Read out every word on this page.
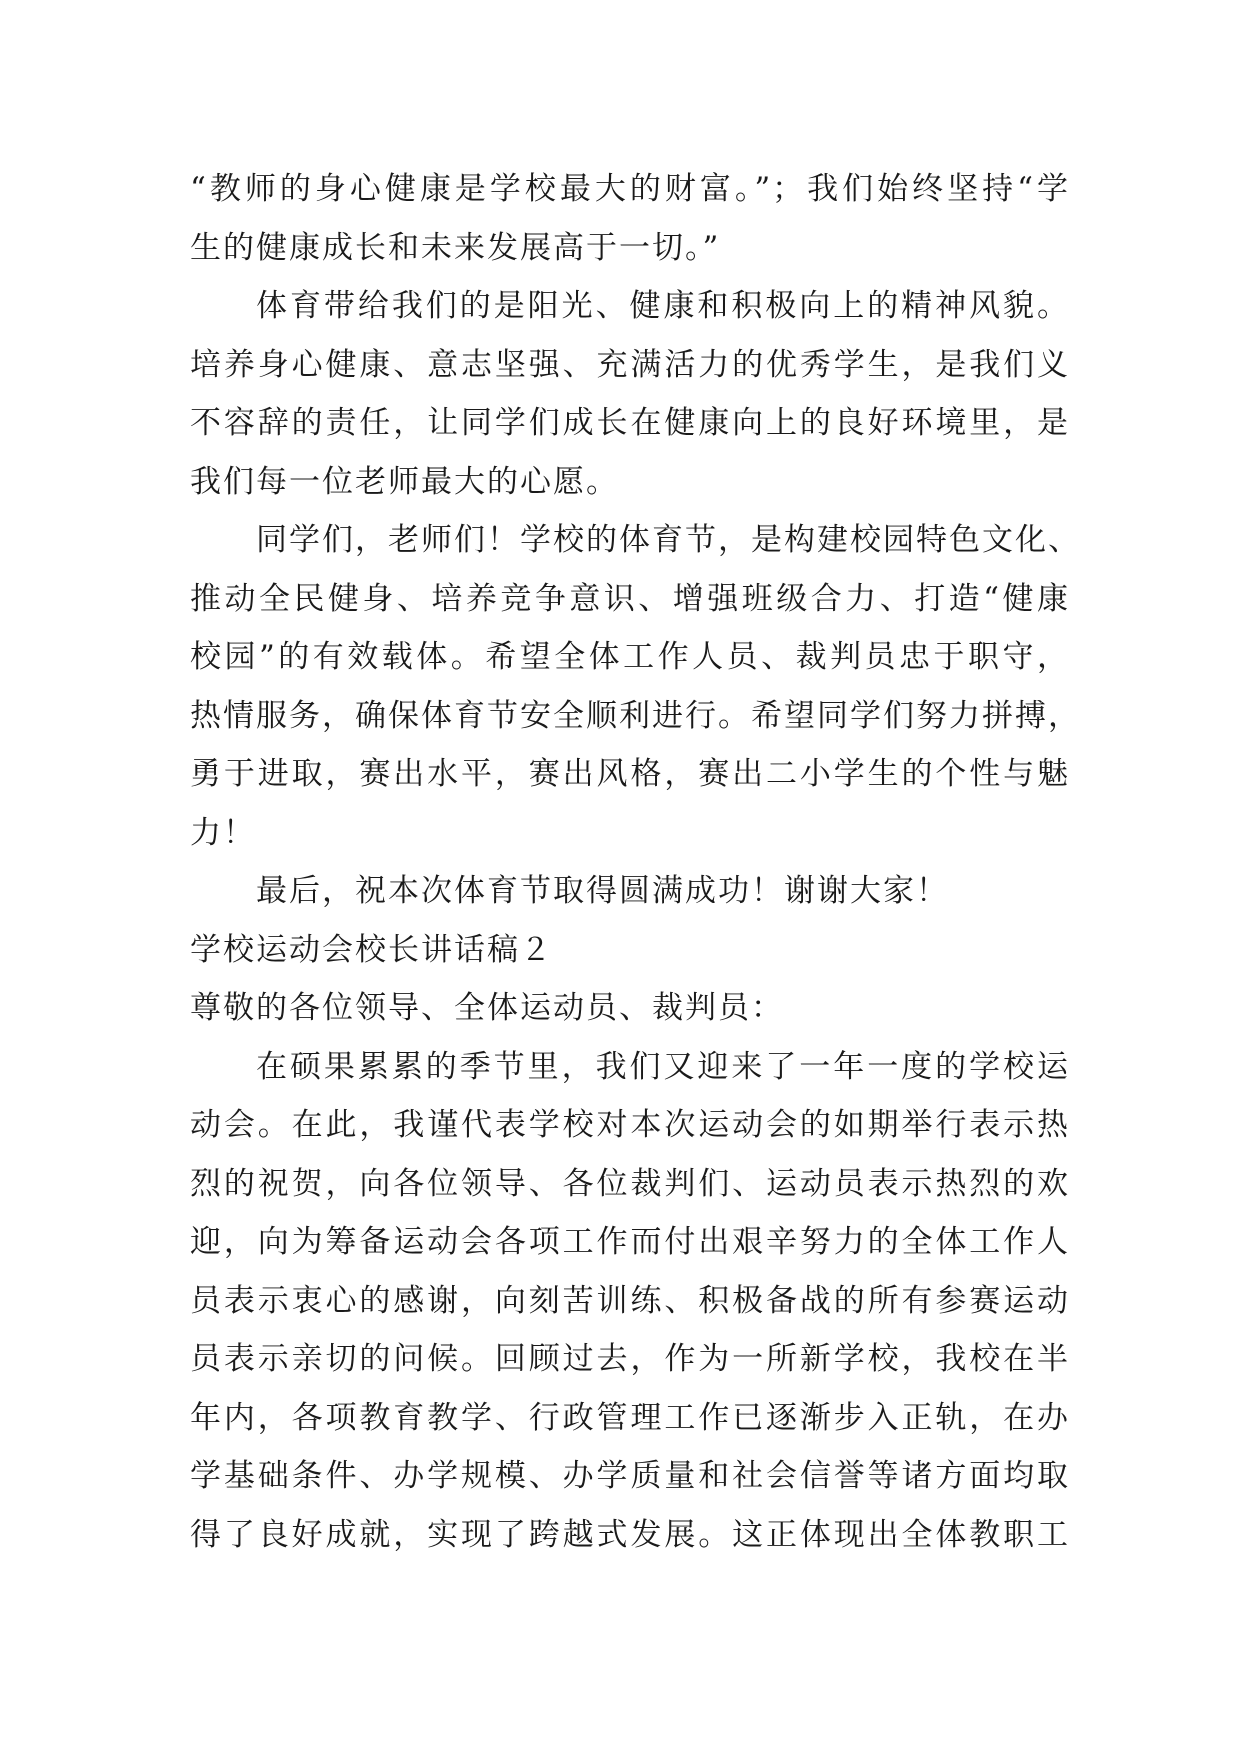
“教师的身心健康是学校最大的财富。”；我们始终坚持“学
生的健康成长和未来发展高于一切。”
体育带给我们的是阳光、健康和积极向上的精神风貌。
培养身心健康、意志坚强、充满活力的优秀学生，是我们义
不容辞的责任，让同学们成长在健康向上的良好环境里，是
我们每一位老师最大的心愿。
同学们，老师们！学校的体育节，是构建校园特色文化、
推动全民健身、培养竞争意识、增强班级合力、打造“健康
校园”的有效载体。希望全体工作人员、裁判员忠于职守，
热情服务，确保体育节安全顺利进行。希望同学们努力拼搏，
勇于进取，赛出水平，赛出风格，赛出二小学生的个性与魅
力！
最后，祝本次体育节取得圆满成功！谢谢大家！
学校运动会校长讲话稿２
尊敬的各位领导、全体运动员、裁判员：
在硕果累累的季节里，我们又迎来了一年一度的学校运
动会。在此，我谨代表学校对本次运动会的如期举行表示热
烈的祝贺，向各位领导、各位裁判们、运动员表示热烈的欢
迎，向为筹备运动会各项工作而付出艰辛努力的全体工作人
员表示衷心的感谢，向刻苦训练、积极备战的所有参赛运动
员表示亲切的问候。回顾过去，作为一所新学校，我校在半
年内，各项教育教学、行政管理工作已逐渐步入正轨，在办
学基础条件、办学规模、办学质量和社会信誉等诸方面均取
得了良好成就，实现了跨越式发展。这正体现出全体教职工
